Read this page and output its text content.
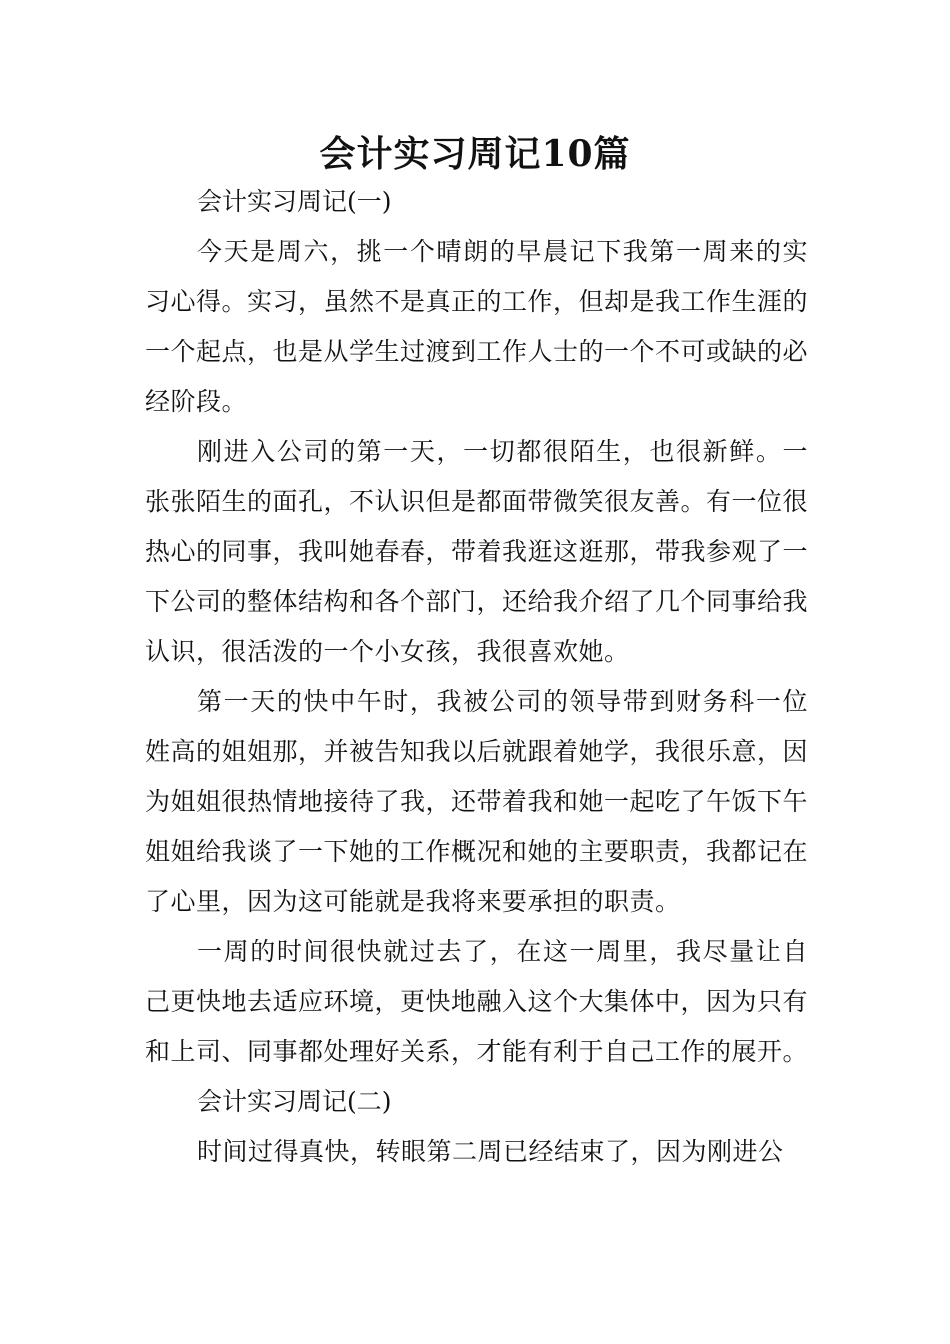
会计实习周记10篇

会计实习周记(一)

今天是周六，挑一个晴朗的早晨记下我第一周来的实习心得。实习，虽然不是真正的工作，但却是我工作生涯的一个起点，也是从学生过渡到工作人士的一个不可或缺的必经阶段。

刚进入公司的第一天，一切都很陌生，也很新鲜。一张张陌生的面孔，不认识但是都面带微笑很友善。有一位很热心的同事，我叫她春春，带着我逛这逛那，带我参观了一下公司的整体结构和各个部门，还给我介绍了几个同事给我认识，很活泼的一个小女孩，我很喜欢她。

第一天的快中午时，我被公司的领导带到财务科一位姓高的姐姐那，并被告知我以后就跟着她学，我很乐意，因为姐姐很热情地接待了我，还带着我和她一起吃了午饭下午姐姐给我谈了一下她的工作概况和她的主要职责，我都记在了心里，因为这可能就是我将来要承担的职责。

一周的时间很快就过去了，在这一周里，我尽量让自己更快地去适应环境，更快地融入这个大集体中，因为只有和上司、同事都处理好关系，才能有利于自己工作的展开。

会计实习周记(二)

时间过得真快，转眼第二周已经结束了，因为刚进公
